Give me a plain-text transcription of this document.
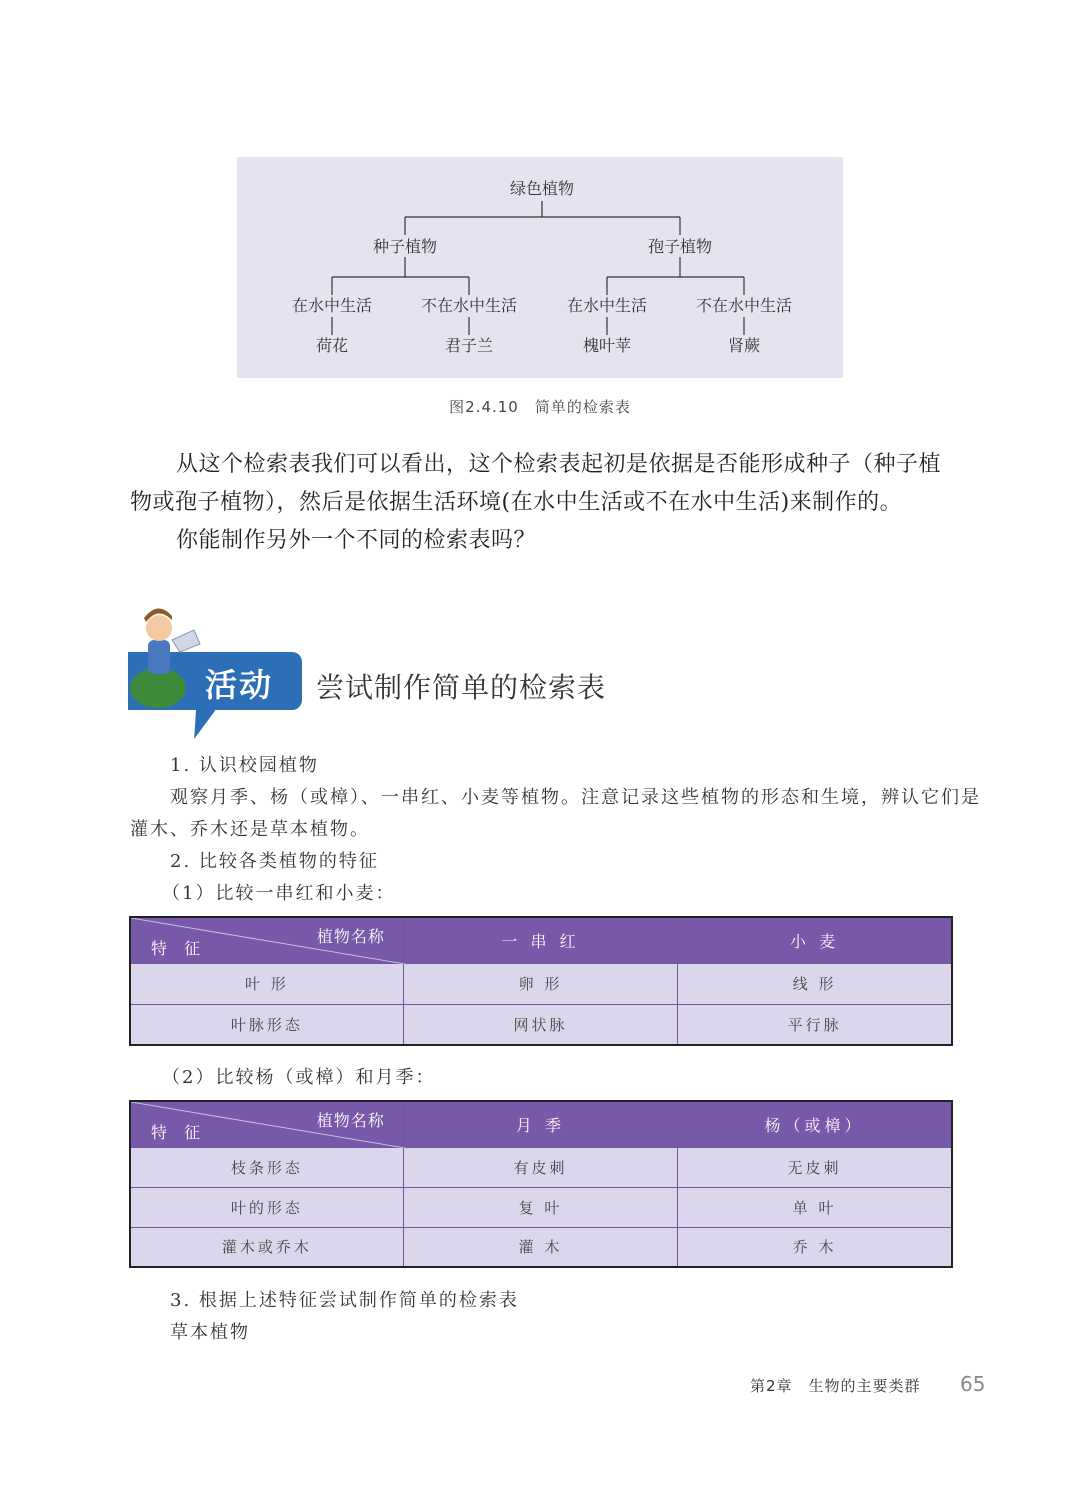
绿色植物
种子植物	孢子植物
在水中生活	不在水中生活	在水中生活	不在水中生活
荷花	君子兰	槐叶苹	肾蕨
图2.4.10　简单的检索表
从这个检索表我们可以看出，这个检索表起初是依据是否能形成种子（种子植物或孢子植物），然后是依据生活环境(在水中生活或不在水中生活)来制作的。
你能制作另外一个不同的检索表吗？
活动 尝试制作简单的检索表
1. 认识校园植物
观察月季、杨（或樟）、一串红、小麦等植物。注意记录这些植物的形态和生境，辨认它们是
灌木、乔木还是草本植物。
2. 比较各类植物的特征
（1）比较一串红和小麦：
植物名称
特 征	一 串 红	小 麦
叶 形	卵 形	线 形
叶脉形态	网状脉	平行脉
（2）比较杨（或樟）和月季：
植物名称
特 征	月 季	杨（或樟）
枝条形态	有皮刺	无皮刺
叶的形态	复 叶	单 叶
灌木或乔木	灌 木	乔 木
3. 根据上述特征尝试制作简单的检索表
草本植物
第2章　生物的主要类群 65
